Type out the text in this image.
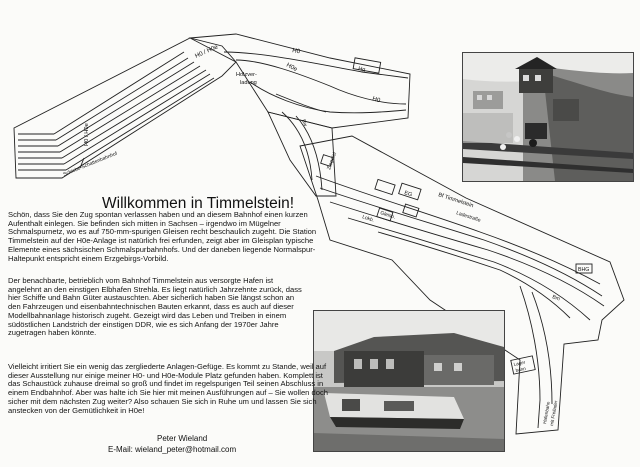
H0 / H0e	H0
H0e	Hg
Holzver-
ladung
H0
H0 / H0e
Schiebe-Schattenbahnhof
Bw
Ziegelei
EG	Bf Timmelstein
Gleisb.	Ladestraße
Lokb.
BHG
Bm
Lager
bahn
Hafenbahn
mit Freilader
Willkommen in Timmelstein!

Schön, dass Sie den Zug spontan verlassen haben und an diesem Bahnhof einen kurzen Aufenthalt einlegen. Sie befinden sich mitten in Sachsen – irgendwo im Mügelner Schmalspurnetz, wo es auf 750-mm-spurigen Gleisen recht beschaulich zugeht. Die Station Timmelstein auf der H0e-Anlage ist natürlich frei erfunden, zeigt aber im Gleisplan typische Elemente eines sächsischen Schmalspurbahnhofs. Und der daneben liegende Normalspur-Haltepunkt entspricht einem Erzgebirgs-Vorbild.

Der benachbarte, betrieblich vom Bahnhof Timmelstein aus versorgte Hafen ist angelehnt an den einstigen Elbhafen Strehla. Es liegt natürlich Jahrzehnte zurück, dass hier Schiffe und Bahn Güter austauschten. Aber sicherlich haben Sie längst schon an den Fahrzeugen und eisenbahntechnischen Bauten erkannt, dass es auch auf dieser Modellbahnanlage historisch zugeht. Gezeigt wird das Leben und Treiben in einem südöstlichen Landstrich der einstigen DDR, wie es sich Anfang der 1970er Jahre zugetragen haben könnte.

Vielleicht irritiert Sie ein wenig das zergliederte Anlagen-Gefüge. Es kommt zu Stande, weil auf dieser Ausstellung nur einige meiner H0- und H0e-Module Platz gefunden haben. Komplett ist das Schaustück zuhause dreimal so groß und findet im regelspurigen Teil seinen Abschluss in einem Endbahnhof. Aber was halte ich Sie hier mit meinen Ausführungen auf – Sie wollen doch sicher mit dem nächsten Zug weiter? Also schauen Sie sich in Ruhe um und lassen Sie sich anstecken von der Gemütlichkeit in H0e!

Peter Wieland
E-Mail: wieland_peter@hotmail.com
